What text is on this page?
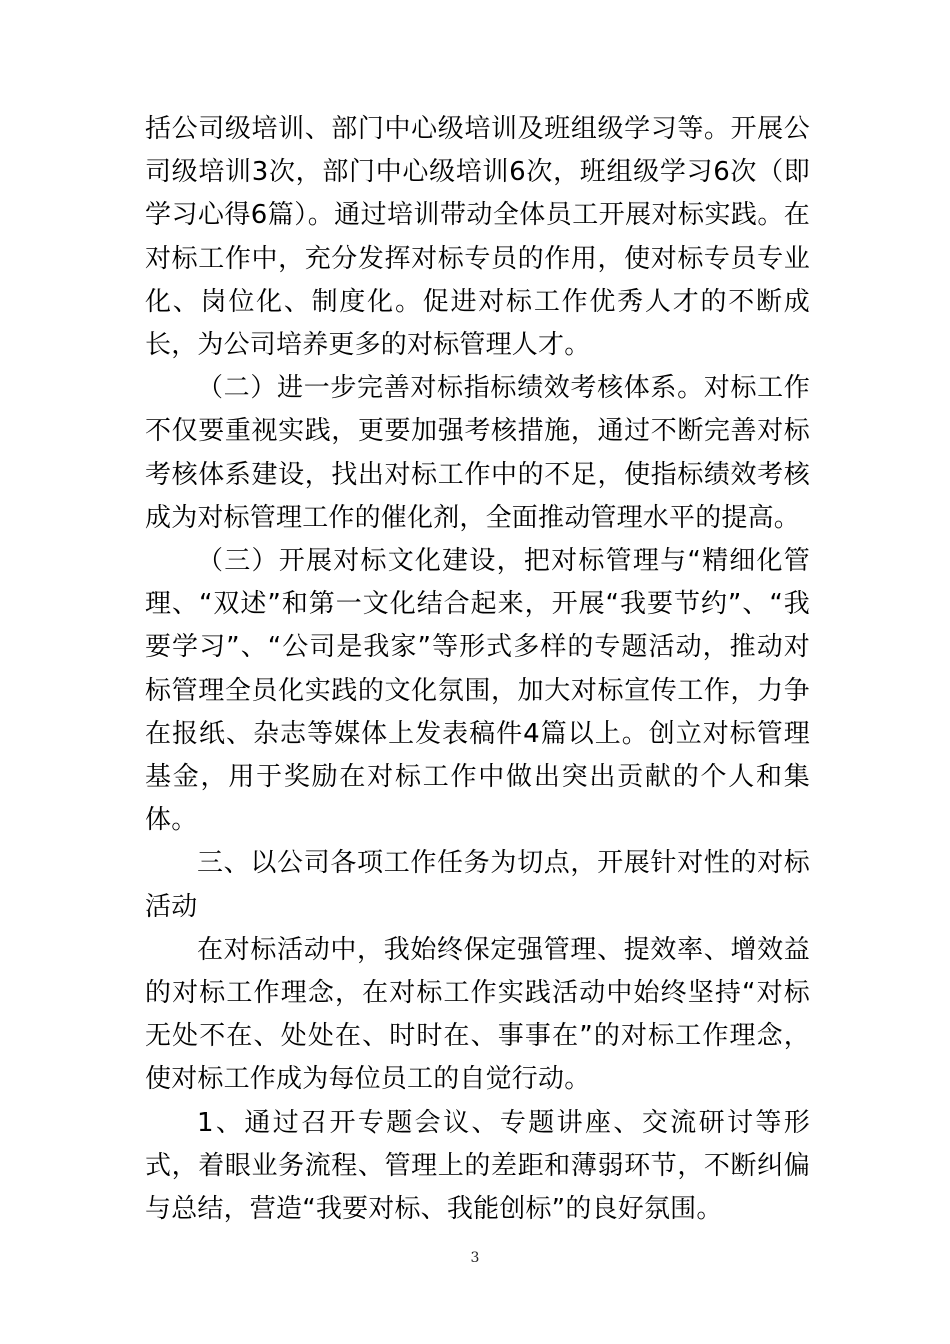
括公司级培训、部门中心级培训及班组级学习等。开展公司级培训3次，部门中心级培训6次，班组级学习6次（即学习心得6篇）。通过培训带动全体员工开展对标实践。在对标工作中，充分发挥对标专员的作用，使对标专员专业化、岗位化、制度化。促进对标工作优秀人才的不断成长，为公司培养更多的对标管理人才。

（二）进一步完善对标指标绩效考核体系。对标工作不仅要重视实践，更要加强考核措施，通过不断完善对标考核体系建设，找出对标工作中的不足，使指标绩效考核成为对标管理工作的催化剂，全面推动管理水平的提高。

（三）开展对标文化建设，把对标管理与“精细化管理、“双述”和第一文化结合起来，开展“我要节约”、“我要学习”、“公司是我家”等形式多样的专题活动，推动对标管理全员化实践的文化氛围，加大对标宣传工作，力争在报纸、杂志等媒体上发表稿件4篇以上。创立对标管理基金，用于奖励在对标工作中做出突出贡献的个人和集体。

三、以公司各项工作任务为切点，开展针对性的对标活动

在对标活动中，我始终保定强管理、提效率、增效益的对标工作理念，在对标工作实践活动中始终坚持“对标无处不在、处处在、时时在、事事在”的对标工作理念，使对标工作成为每位员工的自觉行动。

1、通过召开专题会议、专题讲座、交流研讨等形式，着眼业务流程、管理上的差距和薄弱环节，不断纠偏与总结，营造“我要对标、我能创标”的良好氛围。

3
